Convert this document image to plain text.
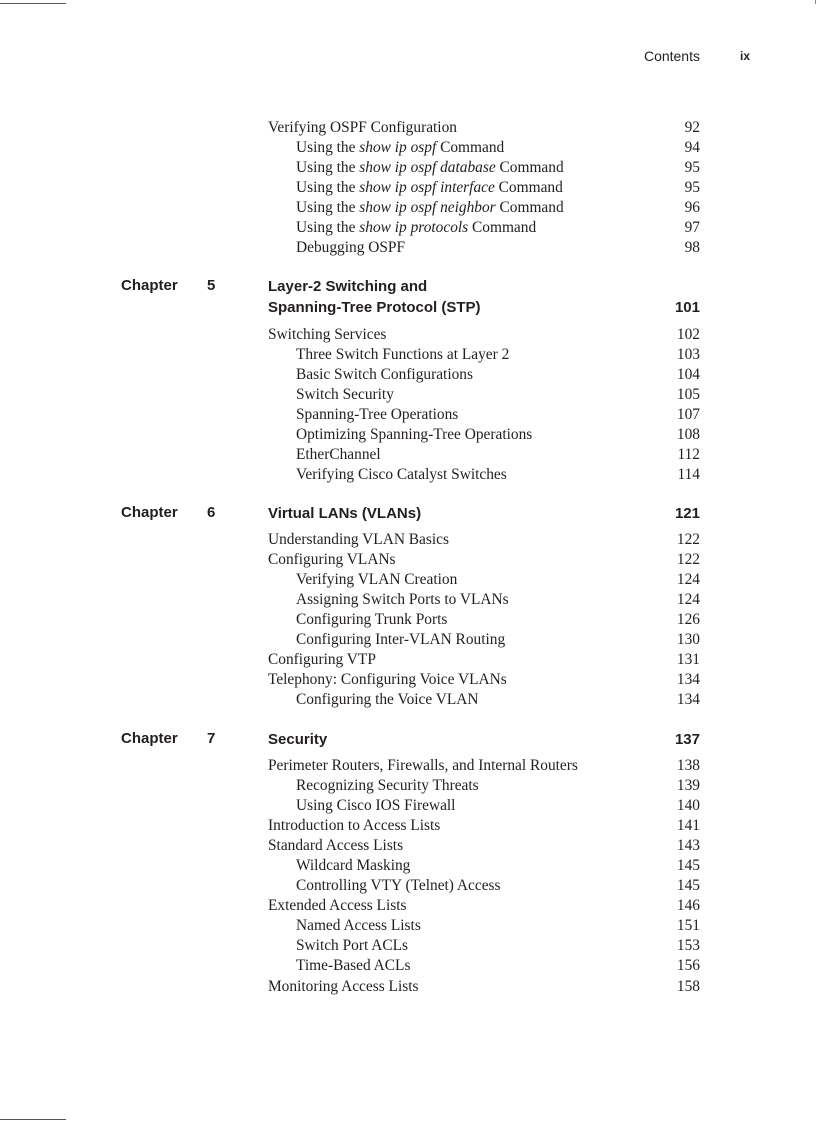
Contents	ix
Verifying OSPF Configuration	92
Using the show ip ospf Command	94
Using the show ip ospf database Command	95
Using the show ip ospf interface Command	95
Using the show ip ospf neighbor Command	96
Using the show ip protocols Command	97
Debugging OSPF	98
Chapter 5	Layer-2 Switching and
Spanning-Tree Protocol (STP)	101
Switching Services	102
Three Switch Functions at Layer 2	103
Basic Switch Configurations	104
Switch Security	105
Spanning-Tree Operations	107
Optimizing Spanning-Tree Operations	108
EtherChannel	112
Verifying Cisco Catalyst Switches	114
Chapter 6	Virtual LANs (VLANs)	121
Understanding VLAN Basics	122
Configuring VLANs	122
Verifying VLAN Creation	124
Assigning Switch Ports to VLANs	124
Configuring Trunk Ports	126
Configuring Inter-VLAN Routing	130
Configuring VTP	131
Telephony: Configuring Voice VLANs	134
Configuring the Voice VLAN	134
Chapter 7	Security	137
Perimeter Routers, Firewalls, and Internal Routers	138
Recognizing Security Threats	139
Using Cisco IOS Firewall	140
Introduction to Access Lists	141
Standard Access Lists	143
Wildcard Masking	145
Controlling VTY (Telnet) Access	145
Extended Access Lists	146
Named Access Lists	151
Switch Port ACLs	153
Time-Based ACLs	156
Monitoring Access Lists	158
